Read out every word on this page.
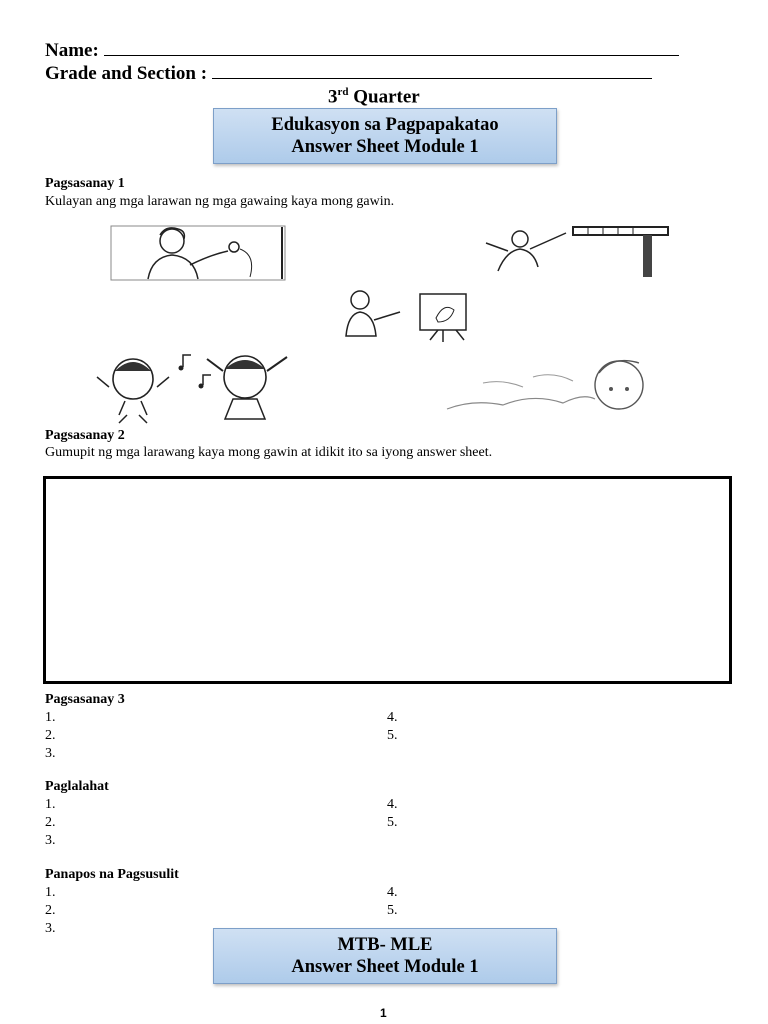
Name:
Grade and Section :
3rd Quarter
Edukasyon sa Pagpapakatao
Answer Sheet Module 1
Pagsasanay 1
Kulayan ang mga larawan ng mga gawaing kaya mong gawin.
Pagsasanay 2
Gumupit ng mga larawang kaya mong gawin at idikit ito sa iyong answer sheet.
Pagsasanay 3
1.
2.
3.
4.
5.
Paglalahat
1.
2.
3.
4.
5.
Panapos na Pagsusulit
1.
2.
3.
4.
5.
MTB- MLE
Answer Sheet Module 1
1
